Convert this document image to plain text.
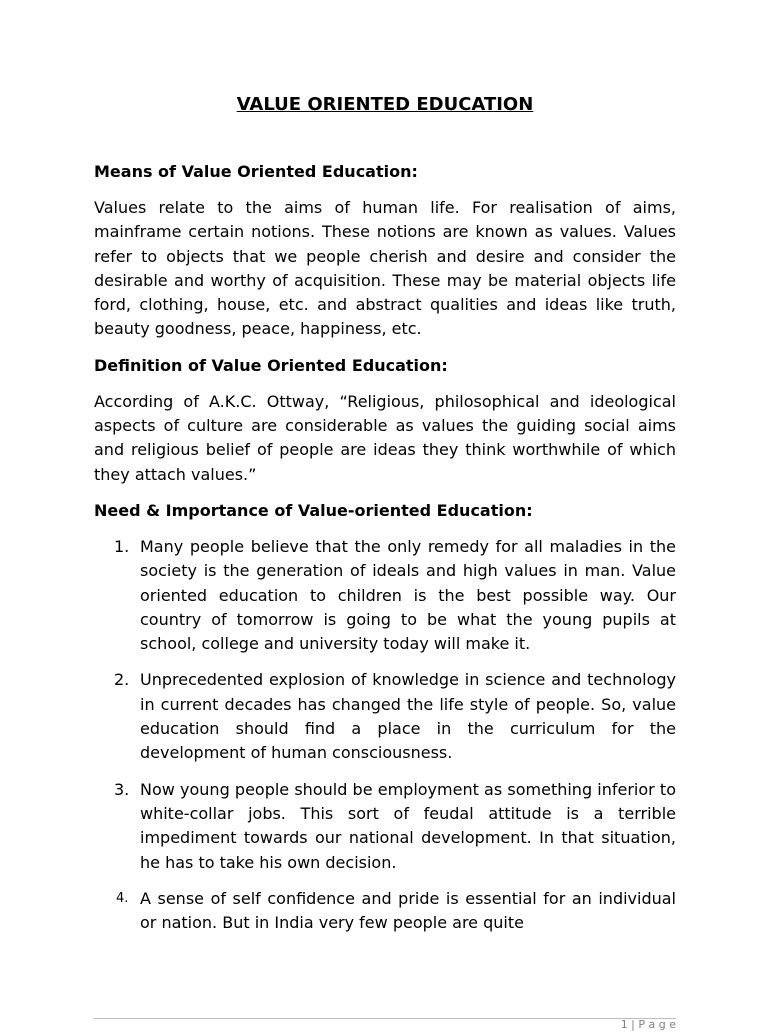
VALUE ORIENTED EDUCATION
Means of Value Oriented Education:

Values relate to the aims of human life. For realisation of aims, mainframe certain notions. These notions are known as values. Values refer to objects that we people cherish and desire and consider the desirable and worthy of acquisition. These may be material objects life ford, clothing, house, etc. and abstract qualities and ideas like truth, beauty goodness, peace, happiness, etc.

Definition of Value Oriented Education:

According of A.K.C. Ottway, “Religious, philosophical and ideological aspects of culture are considerable as values the guiding social aims and religious belief of people are ideas they think worthwhile of which they attach values.”

Need & Importance of Value-oriented Education:
1. Many people believe that the only remedy for all maladies in the society is the generation of ideals and high values in man. Value oriented education to children is the best possible way. Our country of tomorrow is going to be what the young pupils at school, college and university today will make it.
2. Unprecedented explosion of knowledge in science and technology in current decades has changed the life style of people. So, value education should find a place in the curriculum for the development of human consciousness.
3. Now young people should be employment as something inferior to white-collar jobs. This sort of feudal attitude is a terrible impediment towards our national development. In that situation, he has to take his own decision.
4. A sense of self confidence and pride is essential for an individual or nation. But in India very few people are quite
1 | P a g e
